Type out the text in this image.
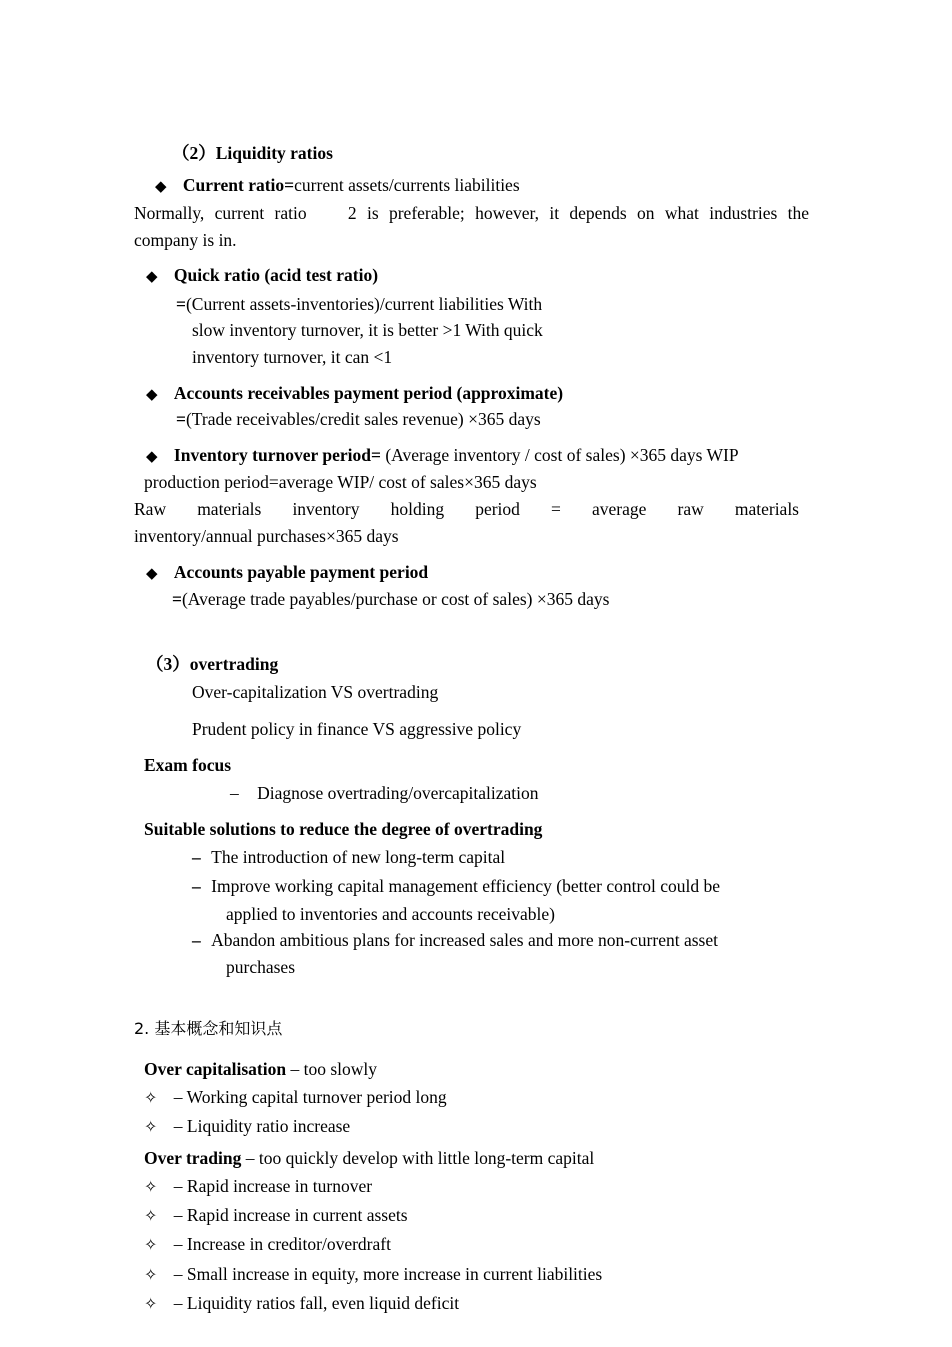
（2）Liquidity ratios
◆ Current ratio=current assets/currents liabilities
Normally, current ratio    2 is preferable; however, it depends on what industries the
company is in.
◆ Quick ratio (acid test ratio)
=(Current assets-inventories)/current liabilities With
slow inventory turnover, it is better >1 With quick
inventory turnover, it can <1
◆ Accounts receivables payment period (approximate)
=(Trade receivables/credit sales revenue) ×365 days
◆ Inventory turnover period= (Average inventory / cost of sales) ×365 days WIP
production period=average WIP/ cost of sales×365 days
Raw materials inventory holding period = average raw materials
inventory/annual purchases×365 days
◆ Accounts payable payment period
=(Average trade payables/purchase or cost of sales) ×365 days
（3）overtrading
Over-capitalization VS overtrading
Prudent policy in finance VS aggressive policy
Exam focus
– Diagnose overtrading/overcapitalization
Suitable solutions to reduce the degree of overtrading
– The introduction of new long-term capital
– Improve working capital management efficiency (better control could be
applied to inventories and accounts receivable)
– Abandon ambitious plans for increased sales and more non-current asset
purchases
2. 基本概念和知识点
Over capitalisation – too slowly
✧ – Working capital turnover period long
✧ – Liquidity ratio increase
Over trading – too quickly develop with little long-term capital
✧ – Rapid increase in turnover
✧ – Rapid increase in current assets
✧ – Increase in creditor/overdraft
✧ – Small increase in equity, more increase in current liabilities
✧ – Liquidity ratios fall, even liquid deficit
